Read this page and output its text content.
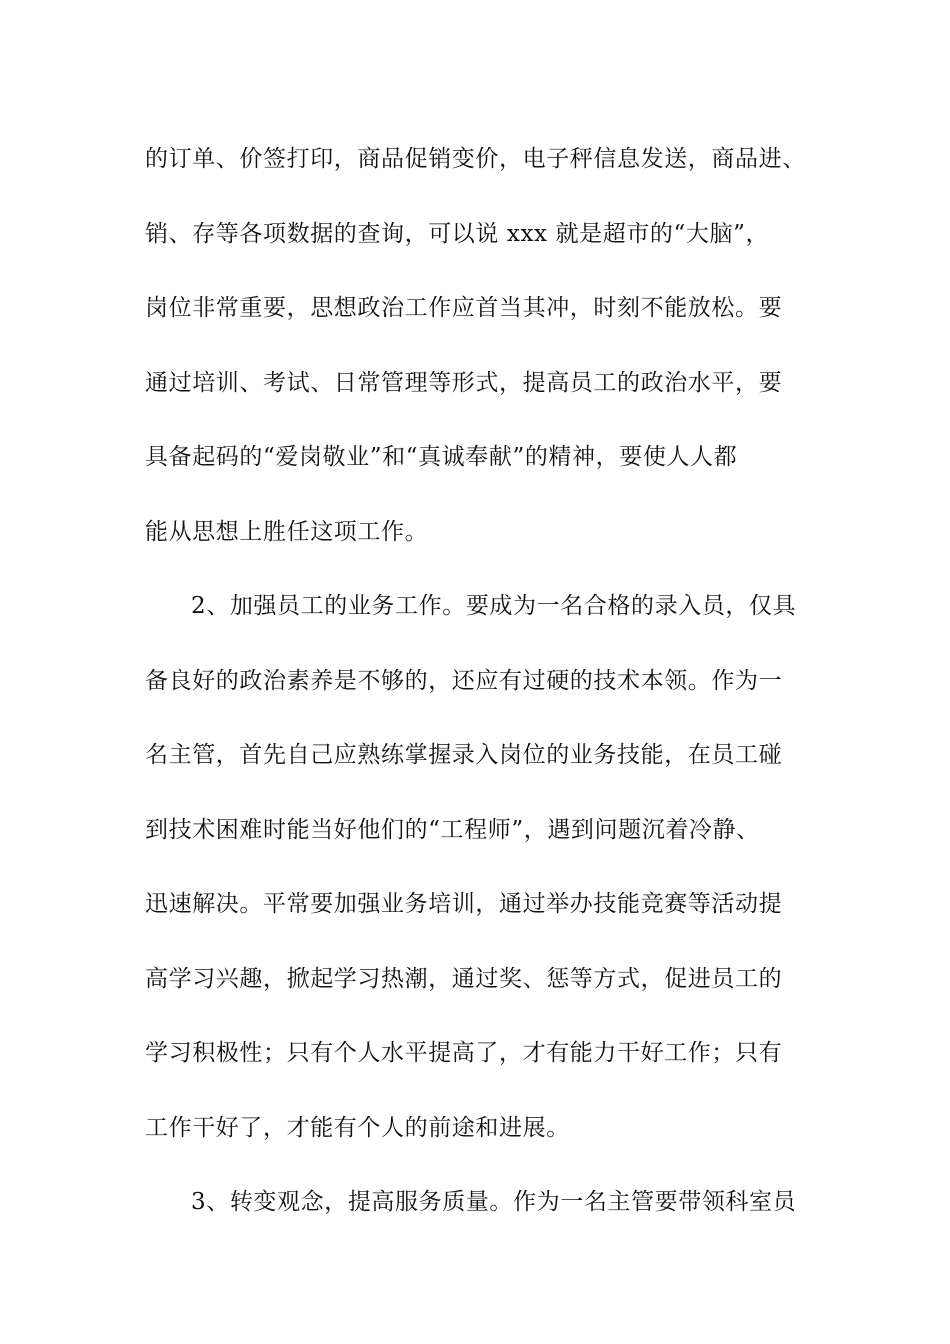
的订单、价签打印，商品促销变价，电子秤信息发送，商品进、
销、存等各项数据的查询，可以说 xxx 就是超市的“大脑”，
岗位非常重要，思想政治工作应首当其冲，时刻不能放松。要
通过培训、考试、日常管理等形式，提高员工的政治水平，要
具备起码的“爱岗敬业”和“真诚奉献”的精神，要使人人都
能从思想上胜任这项工作。
2、加强员工的业务工作。要成为一名合格的录入员，仅具
备良好的政治素养是不够的，还应有过硬的技术本领。作为一
名主管，首先自己应熟练掌握录入岗位的业务技能，在员工碰
到技术困难时能当好他们的“工程师”，遇到问题沉着冷静、
迅速解决。平常要加强业务培训，通过举办技能竞赛等活动提
高学习兴趣，掀起学习热潮，通过奖、惩等方式，促进员工的
学习积极性；只有个人水平提高了，才有能力干好工作；只有
工作干好了，才能有个人的前途和进展。
3、转变观念，提高服务质量。作为一名主管要带领科室员
